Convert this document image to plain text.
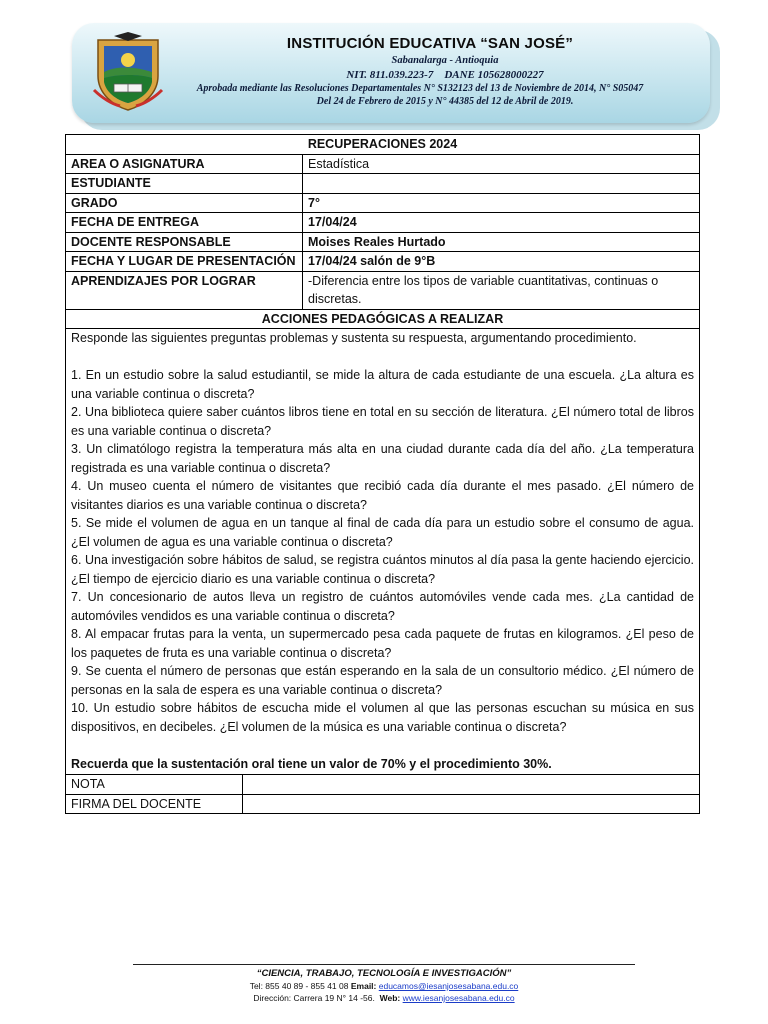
INSTITUCIÓN EDUCATIVA “SAN JOSÉ”
Sabanalarga - Antioquia
NIT. 811.039.223-7    DANE 105628000227
Aprobada mediante las Resoluciones Departamentales N° S132123 del 13 de Noviembre de 2014, N° S05047
Del 24 de Febrero de 2015 y N° 44385 del 12 de Abril de 2019.
RECUPERACIONES 2024
AREA O ASIGNATURA	Estadística
ESTUDIANTE
GRADO	7°
FECHA DE ENTREGA	17/04/24
DOCENTE RESPONSABLE	Moises Reales Hurtado
FECHA Y LUGAR DE PRESENTACIÓN 17/04/24 salón de 9°B
APRENDIZAJES POR LOGRAR	-Diferencia entre los tipos de variable cuantitativas, continuas o discretas.
ACCIONES PEDAGÓGICAS A REALIZAR

Responde las siguientes preguntas problemas y sustenta su respuesta, argumentando procedimiento.

1. En un estudio sobre la salud estudiantil, se mide la altura de cada estudiante de una escuela. ¿La altura es una variable continua o discreta?

2. Una biblioteca quiere saber cuántos libros tiene en total en su sección de literatura. ¿El número total de libros es una variable continua o discreta?

3. Un climatólogo registra la temperatura más alta en una ciudad durante cada día del año. ¿La temperatura registrada es una variable continua o discreta?

4. Un museo cuenta el número de visitantes que recibió cada día durante el mes pasado. ¿El número de visitantes diarios es una variable continua o discreta?

5. Se mide el volumen de agua en un tanque al final de cada día para un estudio sobre el consumo de agua. ¿El volumen de agua es una variable continua o discreta?

6. Una investigación sobre hábitos de salud, se registra cuántos minutos al día pasa la gente haciendo ejercicio. ¿El tiempo de ejercicio diario es una variable continua o discreta?

7. Un concesionario de autos lleva un registro de cuántos automóviles vende cada mes. ¿La cantidad de automóviles vendidos es una variable continua o discreta?

8. Al empacar frutas para la venta, un supermercado pesa cada paquete de frutas en kilogramos. ¿El peso de los paquetes de fruta es una variable continua o discreta?

9. Se cuenta el número de personas que están esperando en la sala de un consultorio médico. ¿El número de personas en la sala de espera es una variable continua o discreta?

10. Un estudio sobre hábitos de escucha mide el volumen al que las personas escuchan su música en sus dispositivos, en decibeles. ¿El volumen de la música es una variable continua o discreta?

Recuerda que la sustentación oral tiene un valor de 70% y el procedimiento 30%.

NOTA
FIRMA DEL DOCENTE
“CIENCIA, TRABAJO, TECNOLOGÍA E INVESTIGACIÓN”
Tel: 855 40 89 - 855 41 08 Email: educamos@iesanjosesabana.edu.co
Dirección: Carrera 19 N° 14 -56. Web: www.iesanjosesabana.edu.co
